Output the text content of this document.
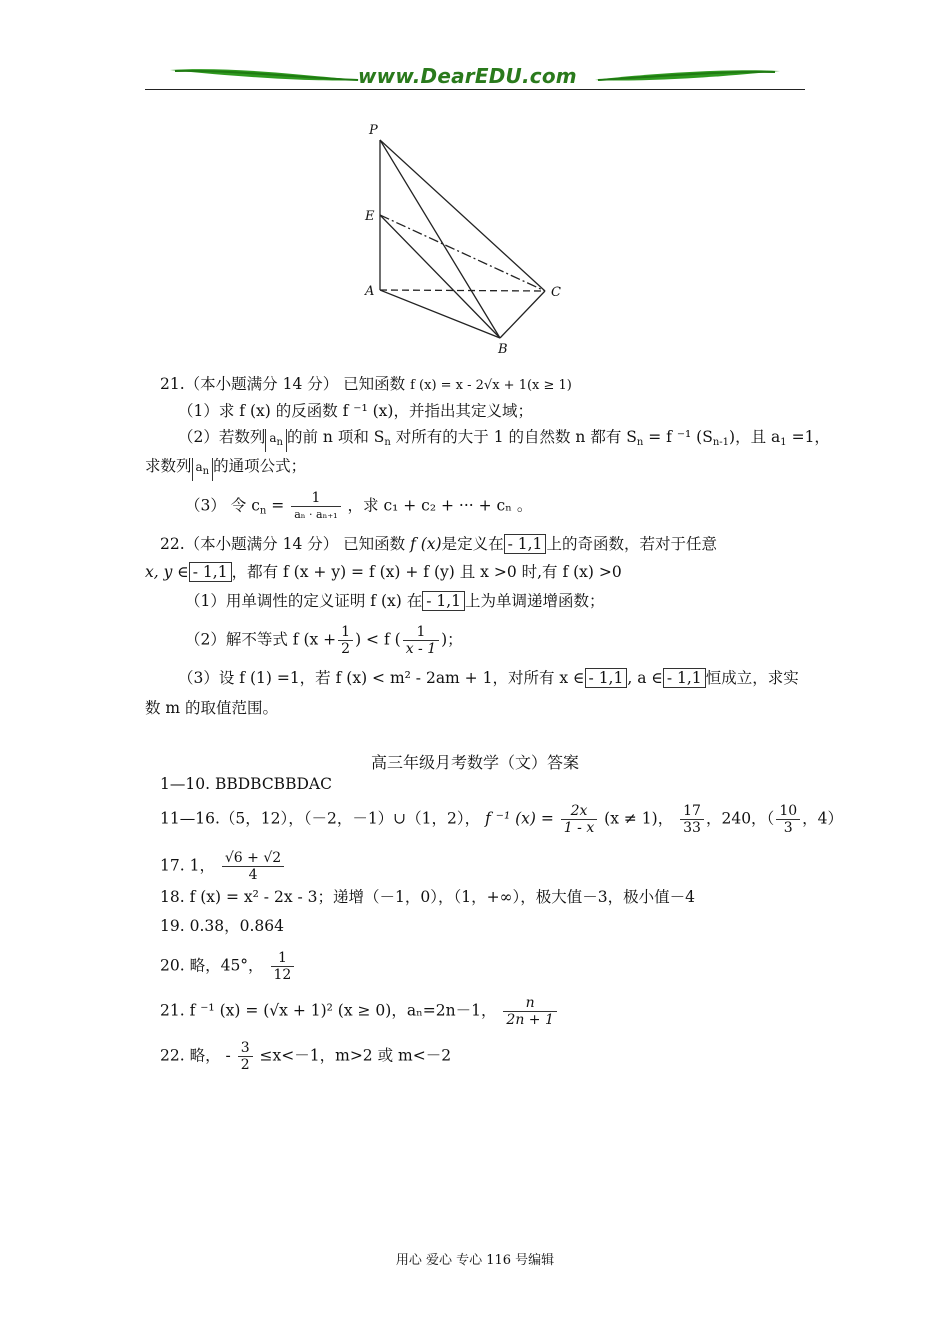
www.DearEDU.com
P
E
A
B
C
21.（本小题满分 14 分） 已知函数 f (x) = x - 2√x + 1(x ≥ 1)
（1）求 f (x) 的反函数 f ⁻¹ (x)，并指出其定义域；
（2）若数列 $a_n$ 的前 n 项和 $S_n$ 对所有的大于 1 的自然数 n 都有 $S_n = f$ ⁻¹ $(S_{n-1})$，且 $a_1 =1$，
求数列 $a_n$ 的通项公式；
（3） 令 $c_n = \frac{1}{\text{aₙ · aₙ₊₁}}$ ，求 c₁ + c₂ + ··· + cₙ 。
22.（本小题满分 14 分） 已知函数 f (x)是定义在 - 1,1 上的奇函数，若对于任意
x, y ∈ - 1,1 ，都有 f (x + y) = f (x) + f (y) 且 x >0 时,有 f (x) >0
（1）用单调性的定义证明 f (x) 在 - 1,1 上为单调递增函数；
（2）解不等式 f ($x + \frac{1}{2}$ ) < f ( $\frac{1}{x - 1}$ )；
（3）设 f (1) =1，若 f (x) < m² - 2am + 1，对所有 x ∈ - 1,1 , a ∈ - 1,1 恒成立，求实
数 m 的取值范围。
高三年级月考数学（文）答案
1—10. BBDBCBBDAC
11—16.（5，12），（－2，－1）∪（1，2）， f ⁻¹ $(x) = \frac{2x}{1 - x} (x \ne 1)$， $\frac{17}{33}$ ，240，（ $\frac{10}{3}$ ，4）
17. 1， $\frac{√6 + √2}{4}$
18. f (x) = x² - 2x - 3；递增（－1，0），（1，+∞），极大值－3，极小值－4
19. 0.38，0.864
20. 略，45°， $\frac{1}{12}$
21. f ⁻¹ (x) = (√x + 1)² (x ≥ 0)，aₙ=2n－1， $\frac{n}{2n + 1}$
22. 略， - $\frac{3}{2} \le x<-1$，m>2 或 m<－2
用心 爱心 专心 116 号编辑
